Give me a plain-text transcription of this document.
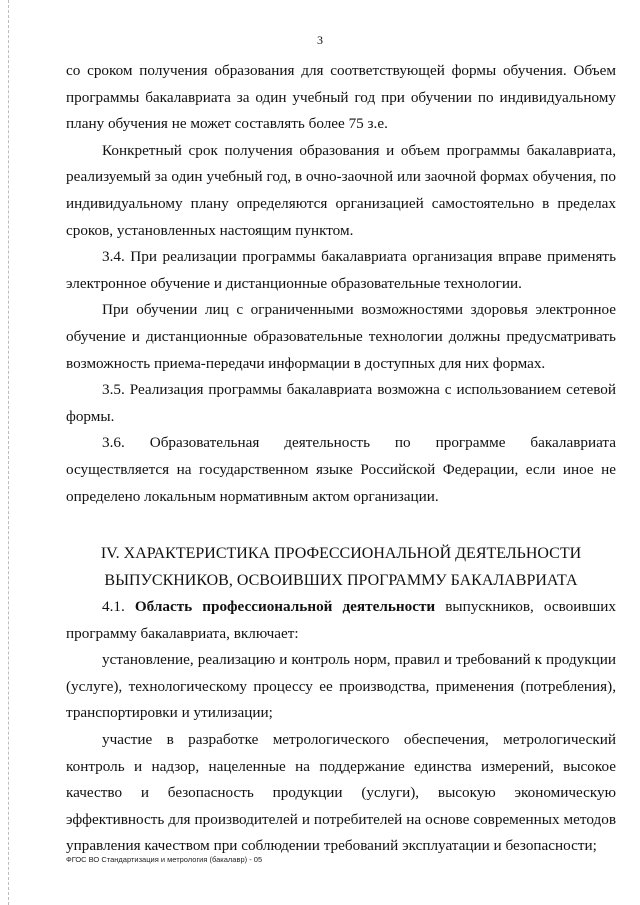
3

со сроком получения образования для соответствующей формы обучения. Объем программы бакалавриата за один учебный год при обучении по индивидуальному плану обучения не может составлять более 75 з.е.

Конкретный срок получения образования и объем программы бакалавриата, реализуемый за один учебный год, в очно-заочной или заочной формах обучения, по индивидуальному плану определяются организацией самостоятельно в пределах сроков, установленных настоящим пунктом.

3.4. При реализации программы бакалавриата организация вправе применять электронное обучение и дистанционные образовательные технологии.

При обучении лиц с ограниченными возможностями здоровья электронное обучение и дистанционные образовательные технологии должны предусматривать возможность приема-передачи информации в доступных для них формах.

3.5. Реализация программы бакалавриата возможна с использованием сетевой формы.

3.6. Образовательная деятельность по программе бакалавриата осуществляется на государственном языке Российской Федерации, если иное не определено локальным нормативным актом организации.

IV. ХАРАКТЕРИСТИКА ПРОФЕССИОНАЛЬНОЙ ДЕЯТЕЛЬНОСТИ
ВЫПУСКНИКОВ, ОСВОИВШИХ ПРОГРАММУ БАКАЛАВРИАТА

4.1. Область профессиональной деятельности выпускников, освоивших программу бакалавриата, включает:

установление, реализацию и контроль норм, правил и требований к продукции (услуге), технологическому процессу ее производства, применения (потребления), транспортировки и утилизации;

участие в разработке метрологического обеспечения, метрологический контроль и надзор, нацеленные на поддержание единства измерений, высокое качество и безопасность продукции (услуги), высокую экономическую эффективность для производителей и потребителей на основе современных методов управления качеством при соблюдении требований эксплуатации и безопасности;

ФГОС ВО Стандартизация и метрология (бакалавр) - 05
